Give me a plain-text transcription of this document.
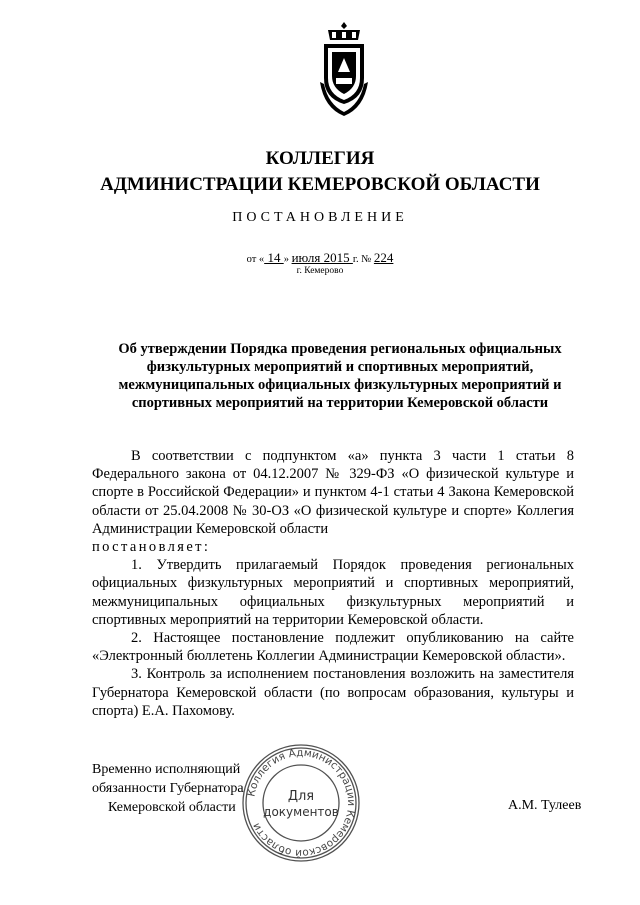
КОЛЛЕГИЯ
АДМИНИСТРАЦИИ КЕМЕРОВСКОЙ ОБЛАСТИ
ПОСТАНОВЛЕНИЕ
от « 14 » июля 2015 г. № 224
г. Кемерово
Об утверждении Порядка проведения региональных официальных
физкультурных мероприятий и спортивных мероприятий,
межмуниципальных официальных физкультурных мероприятий и
спортивных мероприятий на территории Кемеровской области
В соответствии с подпунктом «а» пункта 3 части 1 статьи 8 Федерального закона от 04.12.2007 № 329-ФЗ «О физической культуре и спорте в Российской Федерации» и пунктом 4-1 статьи 4 Закона Кемеровской области от 25.04.2008 № 30-ОЗ «О физической культуре и спорте» Коллегия Администрации Кемеровской области
постановляет:
1. Утвердить прилагаемый Порядок проведения региональных официальных физкультурных мероприятий и спортивных мероприятий, межмуниципальных официальных физкультурных мероприятий и спортивных мероприятий на территории Кемеровской области.
2. Настоящее постановление подлежит опубликованию на сайте «Электронный бюллетень Коллегии Администрации Кемеровской области».
3. Контроль за исполнением постановления возложить на заместителя Губернатора Кемеровской области (по вопросам образования, культуры и спорта) Е.А. Пахомову.
Временно исполняющий
обязанности Губернатора
Кемеровской области	А.М. Тулеев
Коллегия Администрации Кемеровской области
Для
документов
